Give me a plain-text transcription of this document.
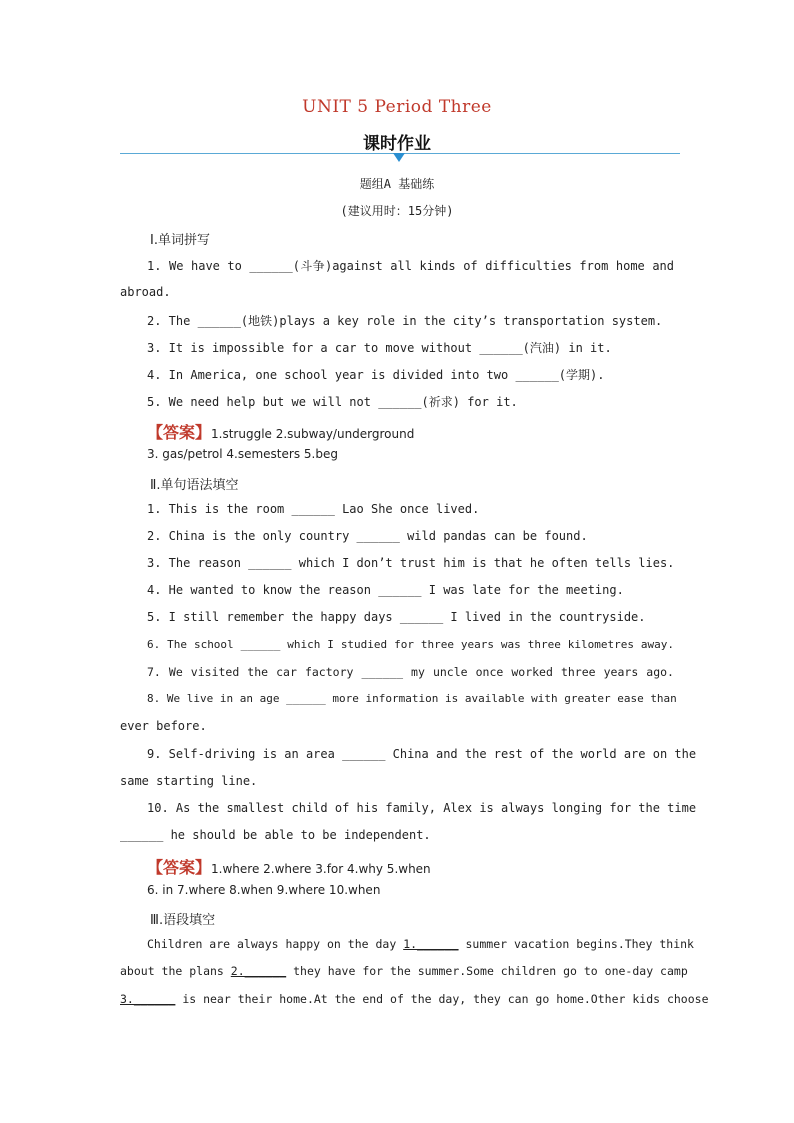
UNIT 5 Period Three
课时作业
题组A 基础练
(建议用时：15分钟)
Ⅰ.单词拼写
1. We have to ______(斗争)against all kinds of difficulties from home and
abroad.
2. The ______(地铁)plays a key role in the city’s transportation system.
3. It is impossible for a car to move without ______(汽油) in it.
4. In America, one school year is divided into two ______(学期).
5. We need help but we will not ______(祈求) for it.
【答案】1.struggle 2.subway/underground
3. gas/petrol 4.semesters 5.beg
Ⅱ.单句语法填空
1. This is the room ______ Lao She once lived.
2. China is the only country ______ wild pandas can be found.
3. The reason ______ which I don’t trust him is that he often tells lies.
4. He wanted to know the reason ______ I was late for the meeting.
5. I still remember the happy days ______ I lived in the countryside.
6. The school ______ which I studied for three years was three kilometres away.
7. We visited the car factory ______ my uncle once worked three years ago.
8. We live in an age ______ more information is available with greater ease than
ever before.
9. Self-driving is an area ______ China and the rest of the world are on the
same starting line.
10. As the smallest child of his family, Alex is always longing for the time
______ he should be able to be independent.
【答案】1.where 2.where 3.for 4.why 5.when
6. in 7.where 8.when 9.where 10.when
Ⅲ.语段填空
Children are always happy on the day 1.______ summer vacation begins.They think
about the plans 2.______ they have for the summer.Some children go to one-day camp
3.______ is near their home.At the end of the day, they can go home.Other kids choose
